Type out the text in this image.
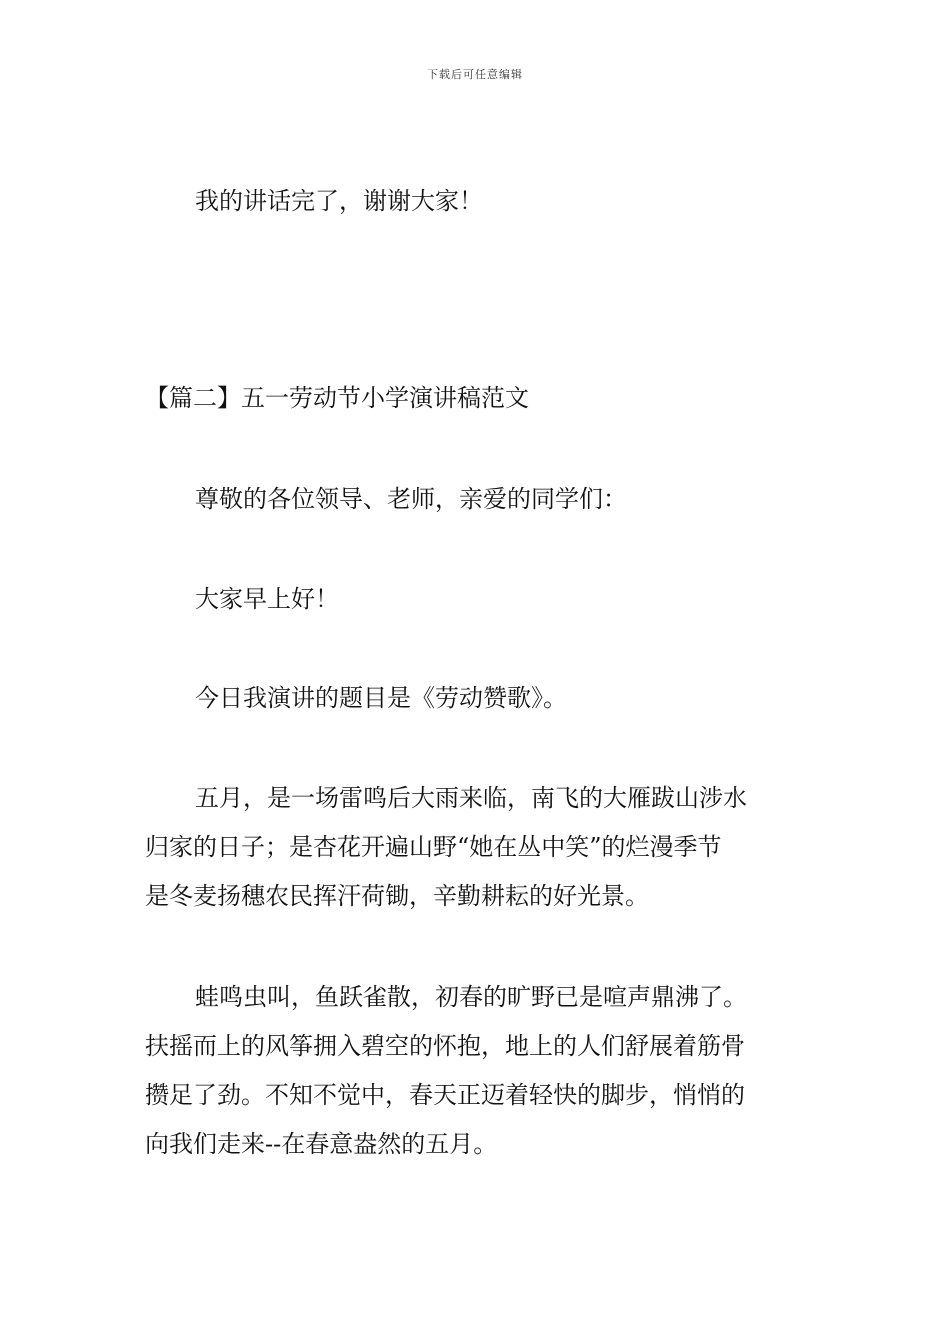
下载后可任意编辑
我的讲话完了，谢谢大家！
【篇二】五一劳动节小学演讲稿范文
尊敬的各位领导、老师，亲爱的同学们：
大家早上好！
今日我演讲的题目是《劳动赞歌》。
五月，是一场雷鸣后大雨来临，南飞的大雁跋山涉水
归家的日子；是杏花开遍山野“她在丛中笑”的烂漫季节
是冬麦扬穗农民挥汗荷锄，辛勤耕耘的好光景。
蛙鸣虫叫，鱼跃雀散，初春的旷野已是喧声鼎沸了。
扶摇而上的风筝拥入碧空的怀抱，地上的人们舒展着筋骨
攒足了劲。不知不觉中，春天正迈着轻快的脚步，悄悄的
向我们走来--在春意盎然的五月。
